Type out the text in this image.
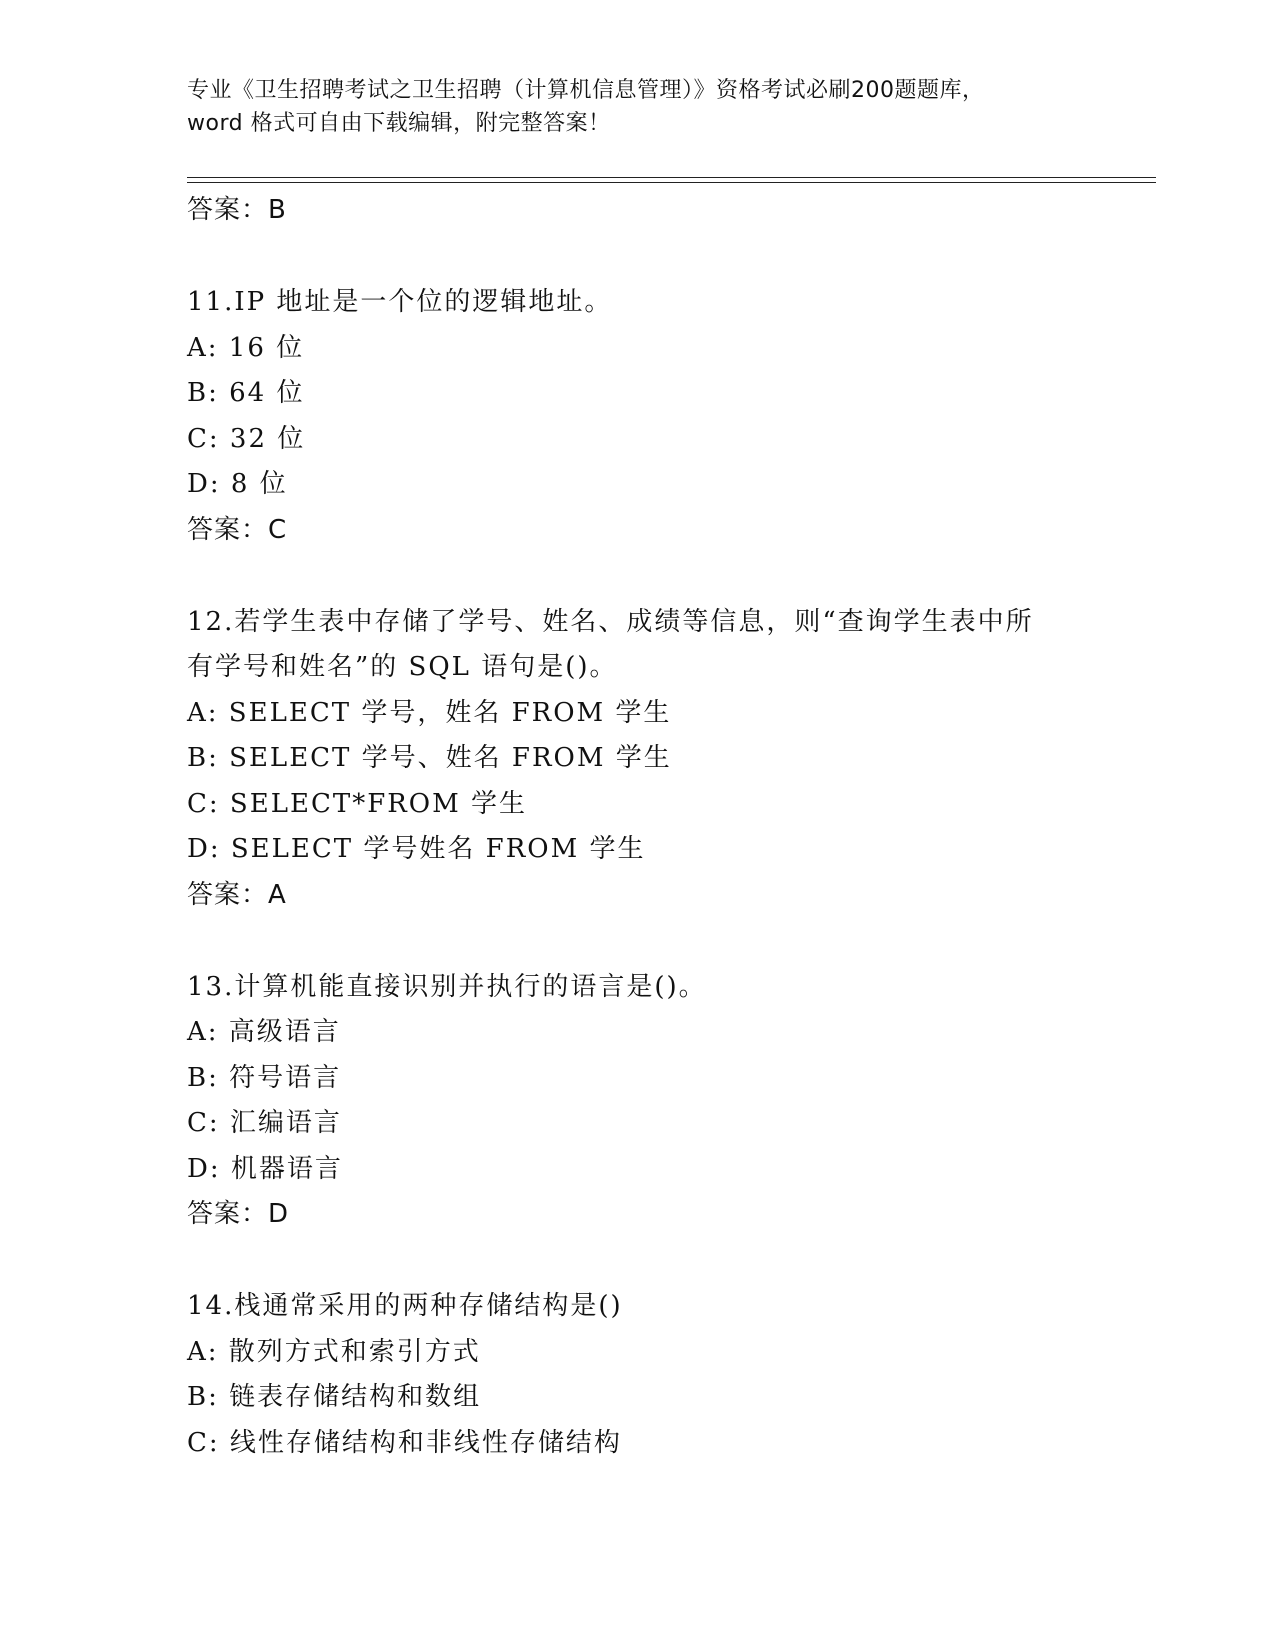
专业《卫生招聘考试之卫生招聘（计算机信息管理）》资格考试必刷200题题库，
word 格式可自由下载编辑，附完整答案！
答案：B
11.IP 地址是一个位的逻辑地址。
A: 16 位
B: 64 位
C: 32 位
D: 8 位
答案：C
12.若学生表中存储了学号、姓名、成绩等信息，则“查询学生表中所有学号和姓名”的 SQL 语句是()。
A: SELECT 学号，姓名 FROM 学生
B: SELECT 学号、姓名 FROM 学生
C: SELECT*FROM 学生
D: SELECT 学号姓名 FROM 学生
答案：A
13.计算机能直接识别并执行的语言是()。
A: 高级语言
B: 符号语言
C: 汇编语言
D: 机器语言
答案：D
14.栈通常采用的两种存储结构是()
A: 散列方式和索引方式
B: 链表存储结构和数组
C: 线性存储结构和非线性存储结构
